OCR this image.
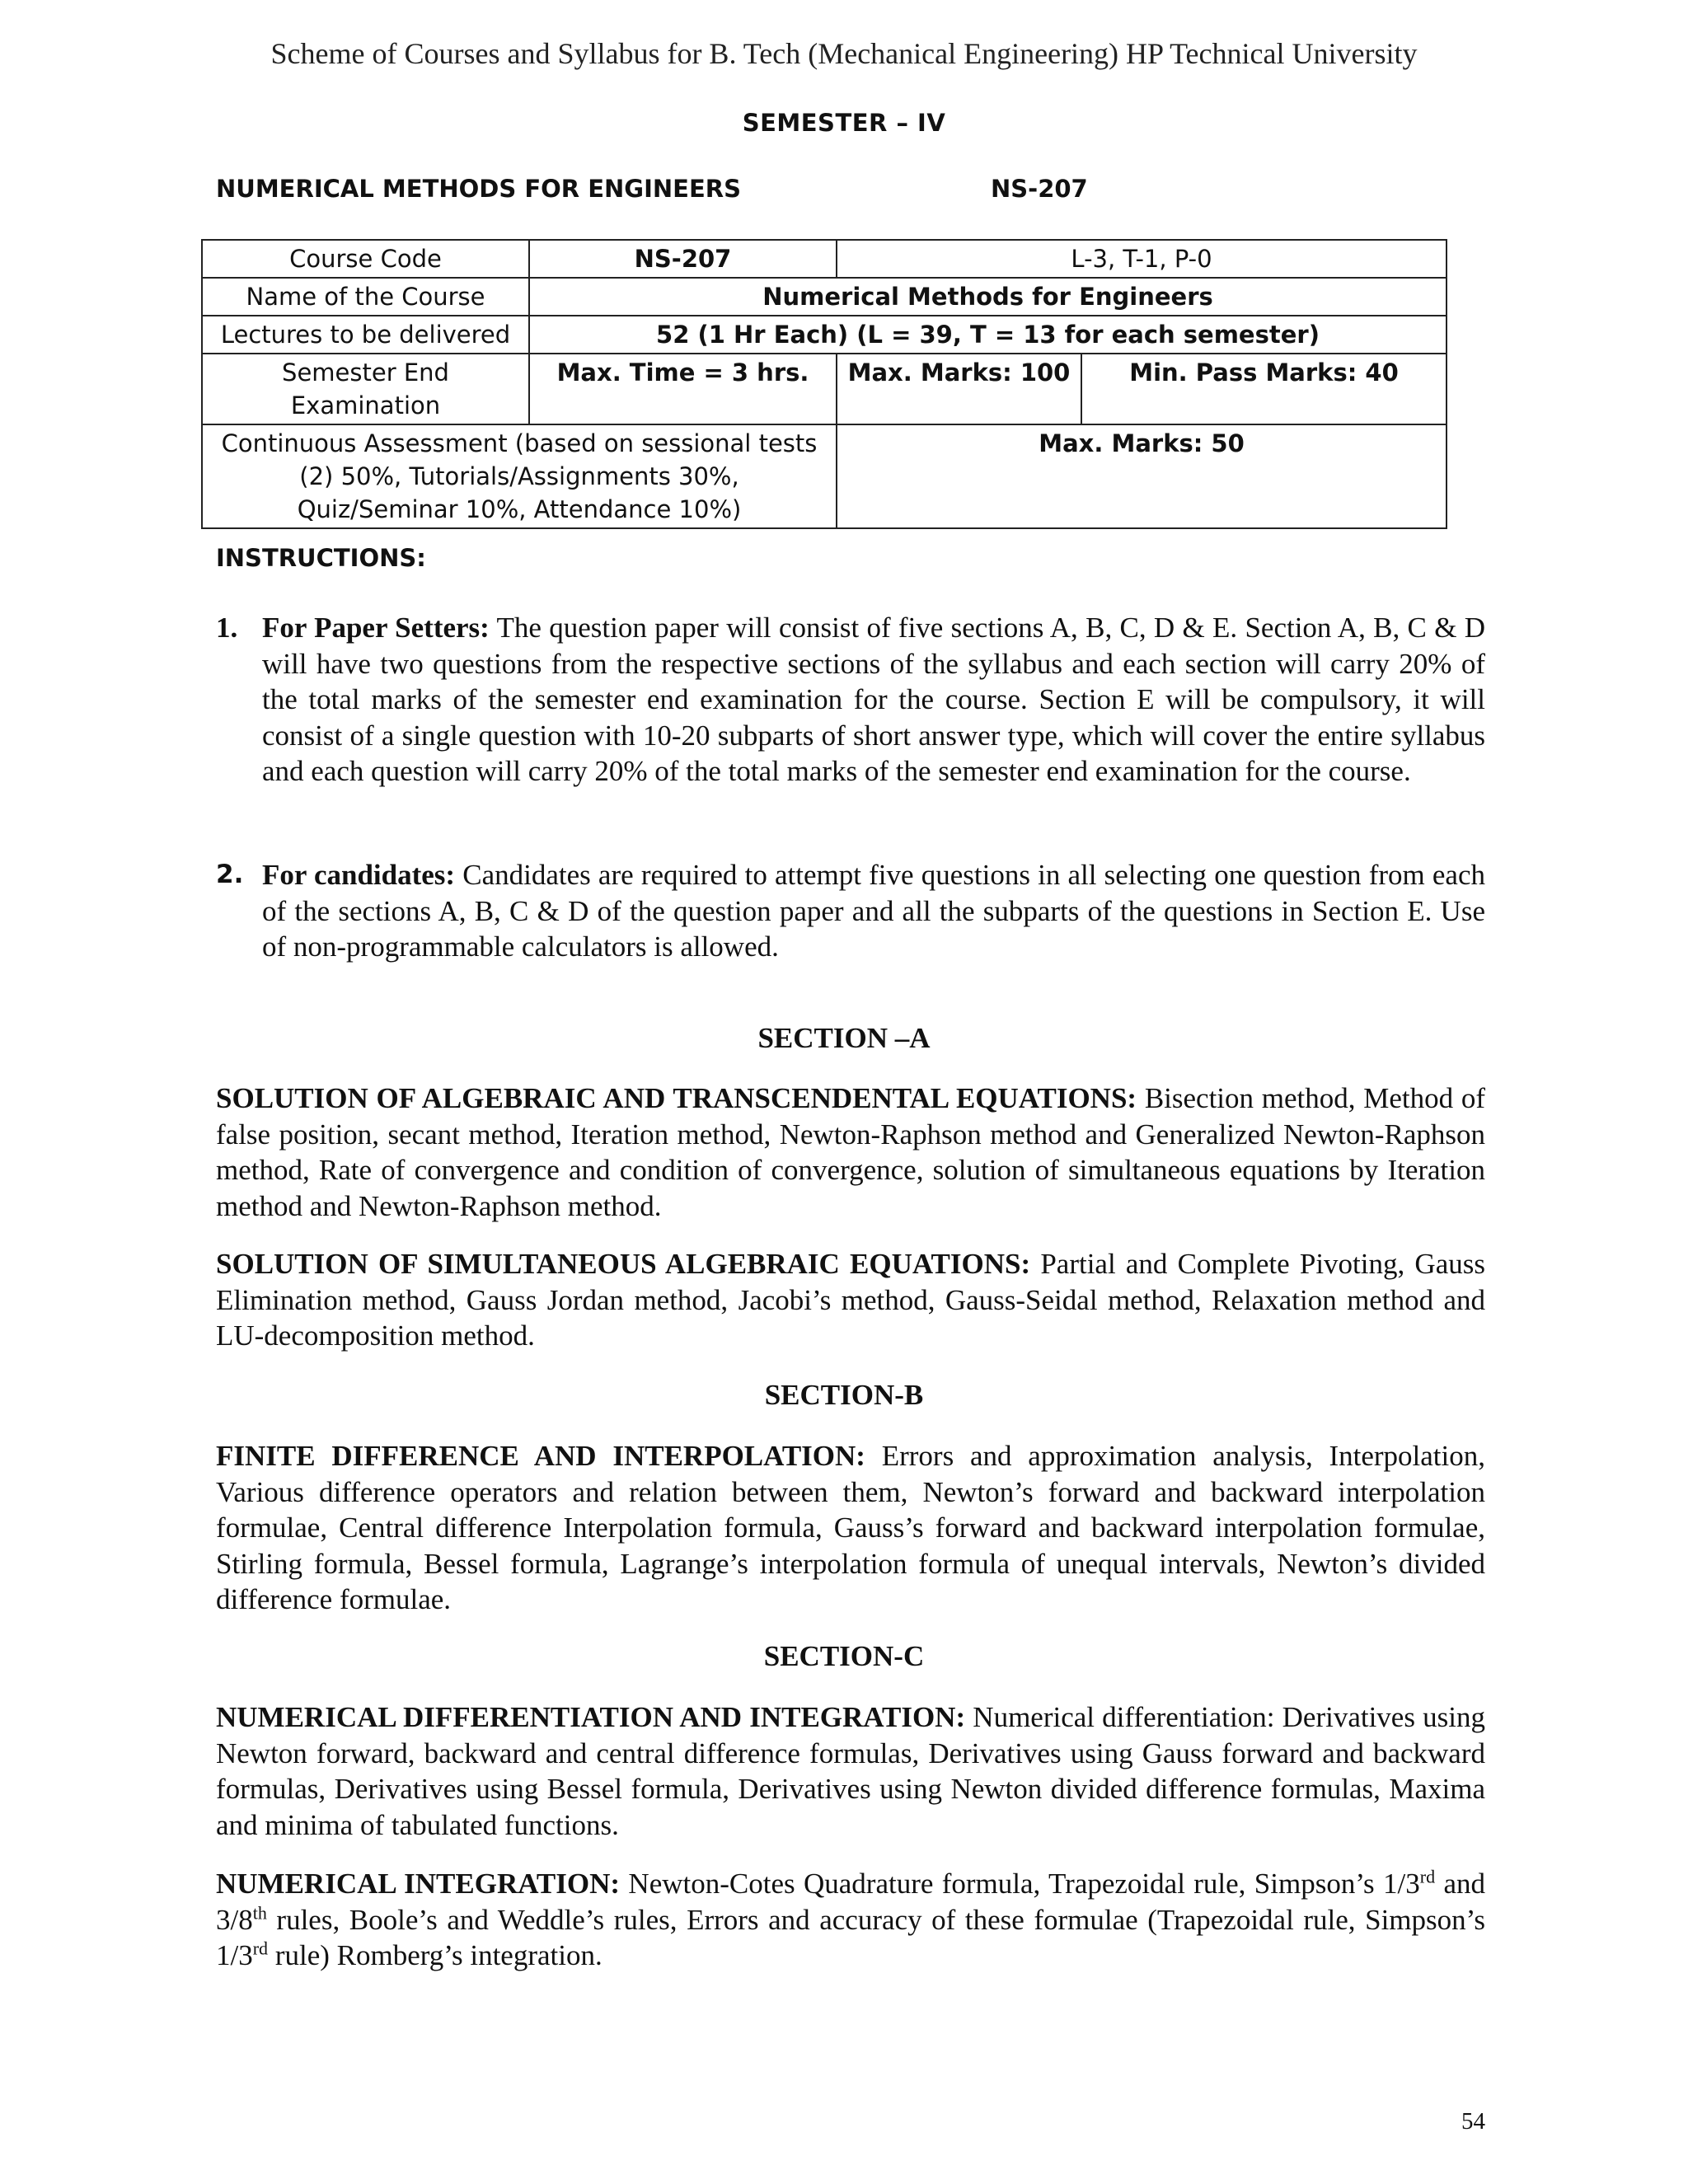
Scheme of Courses and Syllabus for B. Tech (Mechanical Engineering) HP Technical University
SEMESTER – IV
NUMERICAL METHODS FOR ENGINEERS	NS-207
Course Code	NS-207	L-3, T-1, P-0	
Name of the Course	Numerical Methods for Engineers		
Lectures to be delivered	52 (1 Hr Each) (L = 39, T = 13 for each semester)		
Semester End Examination	Max. Time = 3 hrs.	Max. Marks: 100	Min. Pass Marks: 40
Continuous Assessment (based on sessional tests (2) 50%, Tutorials/Assignments 30%, Quiz/Seminar 10%, Attendance 10%)		Max. Marks: 50	
INSTRUCTIONS:
1. For Paper Setters: The question paper will consist of five sections A, B, C, D & E. Section A, B, C & D will have two questions from the respective sections of the syllabus and each section will carry 20% of the total marks of the semester end examination for the course. Section E will be compulsory, it will consist of a single question with 10-20 subparts of short answer type, which will cover the entire syllabus and each question will carry 20% of the total marks of the semester end examination for the course.
2. For candidates: Candidates are required to attempt five questions in all selecting one question from each of the sections A, B, C & D of the question paper and all the subparts of the questions in Section E. Use of non-programmable calculators is allowed.
SECTION –A
SOLUTION OF ALGEBRAIC AND TRANSCENDENTAL EQUATIONS: Bisection method, Method of false position, secant method, Iteration method, Newton-Raphson method and Generalized Newton-Raphson method, Rate of convergence and condition of convergence, solution of simultaneous equations by Iteration method and Newton-Raphson method.
SOLUTION OF SIMULTANEOUS ALGEBRAIC EQUATIONS: Partial and Complete Pivoting, Gauss Elimination method, Gauss Jordan method, Jacobi’s method, Gauss-Seidal method, Relaxation method and LU-decomposition method.
SECTION-B
FINITE DIFFERENCE AND INTERPOLATION: Errors and approximation analysis, Interpolation, Various difference operators and relation between them, Newton’s forward and backward interpolation formulae, Central difference Interpolation formula, Gauss’s forward and backward interpolation formulae, Stirling formula, Bessel formula, Lagrange’s interpolation formula of unequal intervals, Newton’s divided difference formulae.
SECTION-C
NUMERICAL DIFFERENTIATION AND INTEGRATION: Numerical differentiation: Derivatives using Newton forward, backward and central difference formulas, Derivatives using Gauss forward and backward formulas, Derivatives using Bessel formula, Derivatives using Newton divided difference formulas, Maxima and minima of tabulated functions.
NUMERICAL INTEGRATION: Newton-Cotes Quadrature formula, Trapezoidal rule, Simpson’s 1/3rd and 3/8th rules, Boole’s and Weddle’s rules, Errors and accuracy of these formulae (Trapezoidal rule, Simpson’s 1/3rd rule) Romberg’s integration.
54
